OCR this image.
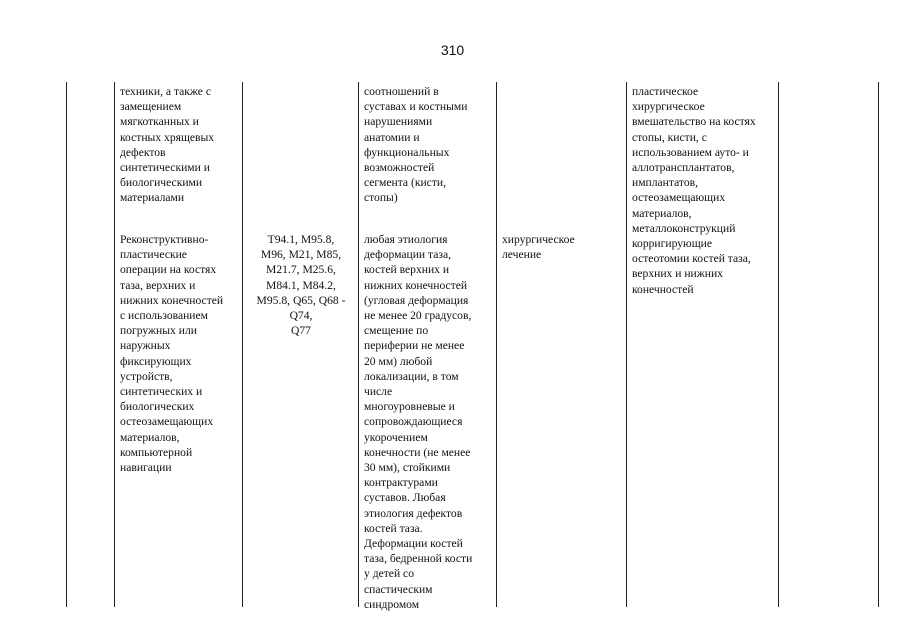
310
техники, а также с
замещением
мягкотканных и
костных хрящевых
дефектов
синтетическими и
биологическими
материалами
соотношений в
суставах и костными
нарушениями
анатомии и
функциональных
возможностей
сегмента (кисти,
стопы)
Реконструктивно-
пластические
операции на костях
таза, верхних и
нижних конечностей
с использованием
погружных или
наружных
фиксирующих
устройств,
синтетических и
биологических
остеозамещающих
материалов,
компьютерной
навигации
T94.1, M95.8,
M96, M21, M85,
M21.7, M25.6,
M84.1, M84.2,
M95.8, Q65, Q68 -
Q74,
Q77
любая этиология
деформации таза,
костей верхних и
нижних конечностей
(угловая деформация
не менее 20 градусов,
смещение по
периферии не менее
20 мм) любой
локализации, в том
числе
многоуровневые и
сопровождающиеся
укорочением
конечности (не менее
30 мм), стойкими
контрактурами
суставов. Любая
этиология дефектов
костей таза.
Деформации костей
таза, бедренной кости
у детей со
спастическим
синдромом
хирургическое
лечение
пластическое
хирургическое
вмешательство на костях
стопы, кисти, с
использованием ауто- и
аллотрансплантатов,
имплантатов,
остеозамещающих
материалов,
металлоконструкций
корригирующие
остеотомии костей таза,
верхних и нижних
конечностей
